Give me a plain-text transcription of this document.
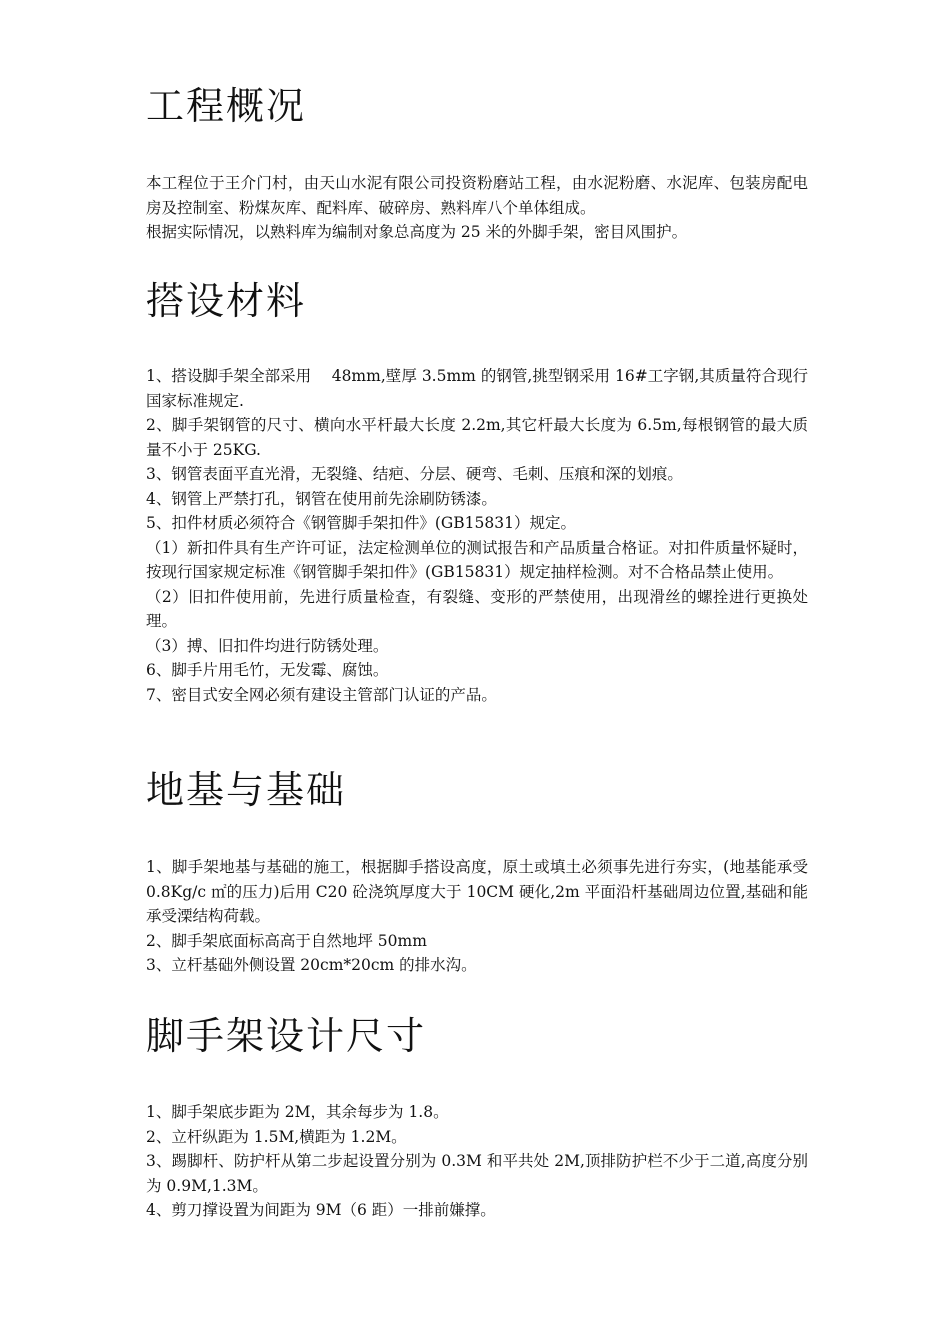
工程概况

本工程位于王介门村，由天山水泥有限公司投资粉磨站工程，由水泥粉磨、水泥库、包装房配电房及控制室、粉煤灰库、配料库、破碎房、熟料库八个单体组成。

根据实际情况，以熟料库为编制对象总高度为 25 米的外脚手架，密目风围护。

搭设材料

1、搭设脚手架全部采用　 48mm,壁厚 3.5mm 的钢管,挑型钢采用 16#工字钢,其质量符合现行国家标准规定.

2、脚手架钢管的尺寸、横向水平杆最大长度 2.2m,其它杆最大长度为 6.5m,每根钢管的最大质量不小于 25KG.

3、钢管表面平直光滑，无裂缝、结疤、分层、硬弯、毛刺、压痕和深的划痕。

4、钢管上严禁打孔，钢管在使用前先涂刷防锈漆。

5、扣件材质必须符合《钢管脚手架扣件》(GB15831）规定。

（1）新扣件具有生产许可证，法定检测单位的测试报告和产品质量合格证。对扣件质量怀疑时，按现行国家规定标准《钢管脚手架扣件》(GB15831）规定抽样检测。对不合格品禁止使用。

（2）旧扣件使用前，先进行质量检查，有裂缝、变形的严禁使用，出现滑丝的螺拴进行更换处理。

（3）搏、旧扣件均进行防锈处理。

6、脚手片用毛竹，无发霉、腐蚀。

7、密目式安全网必须有建设主管部门认证的产品。

地基与基础

1、脚手架地基与基础的施工，根据脚手搭设高度，原土或填土必须事先进行夯实，(地基能承受 0.8Kg/c ㎡的压力)后用 C20 砼浇筑厚度大于 10CM 硬化,2m 平面沿杆基础周边位置,基础和能承受溧结构荷载。

2、脚手架底面标高高于自然地坪 50mm

3、立杆基础外侧设置 20cm*20cm 的排水沟。

脚手架设计尺寸

1、脚手架底步距为 2M，其余每步为 1.8。

2、立杆纵距为 1.5M,横距为 1.2M。

3、踢脚杆、防护杆从第二步起设置分别为 0.3M 和平共处 2M,顶排防护栏不少于二道,高度分别为 0.9M,1.3M。

4、剪刀撑设置为间距为 9M（6 距）一排前嫌撑。
